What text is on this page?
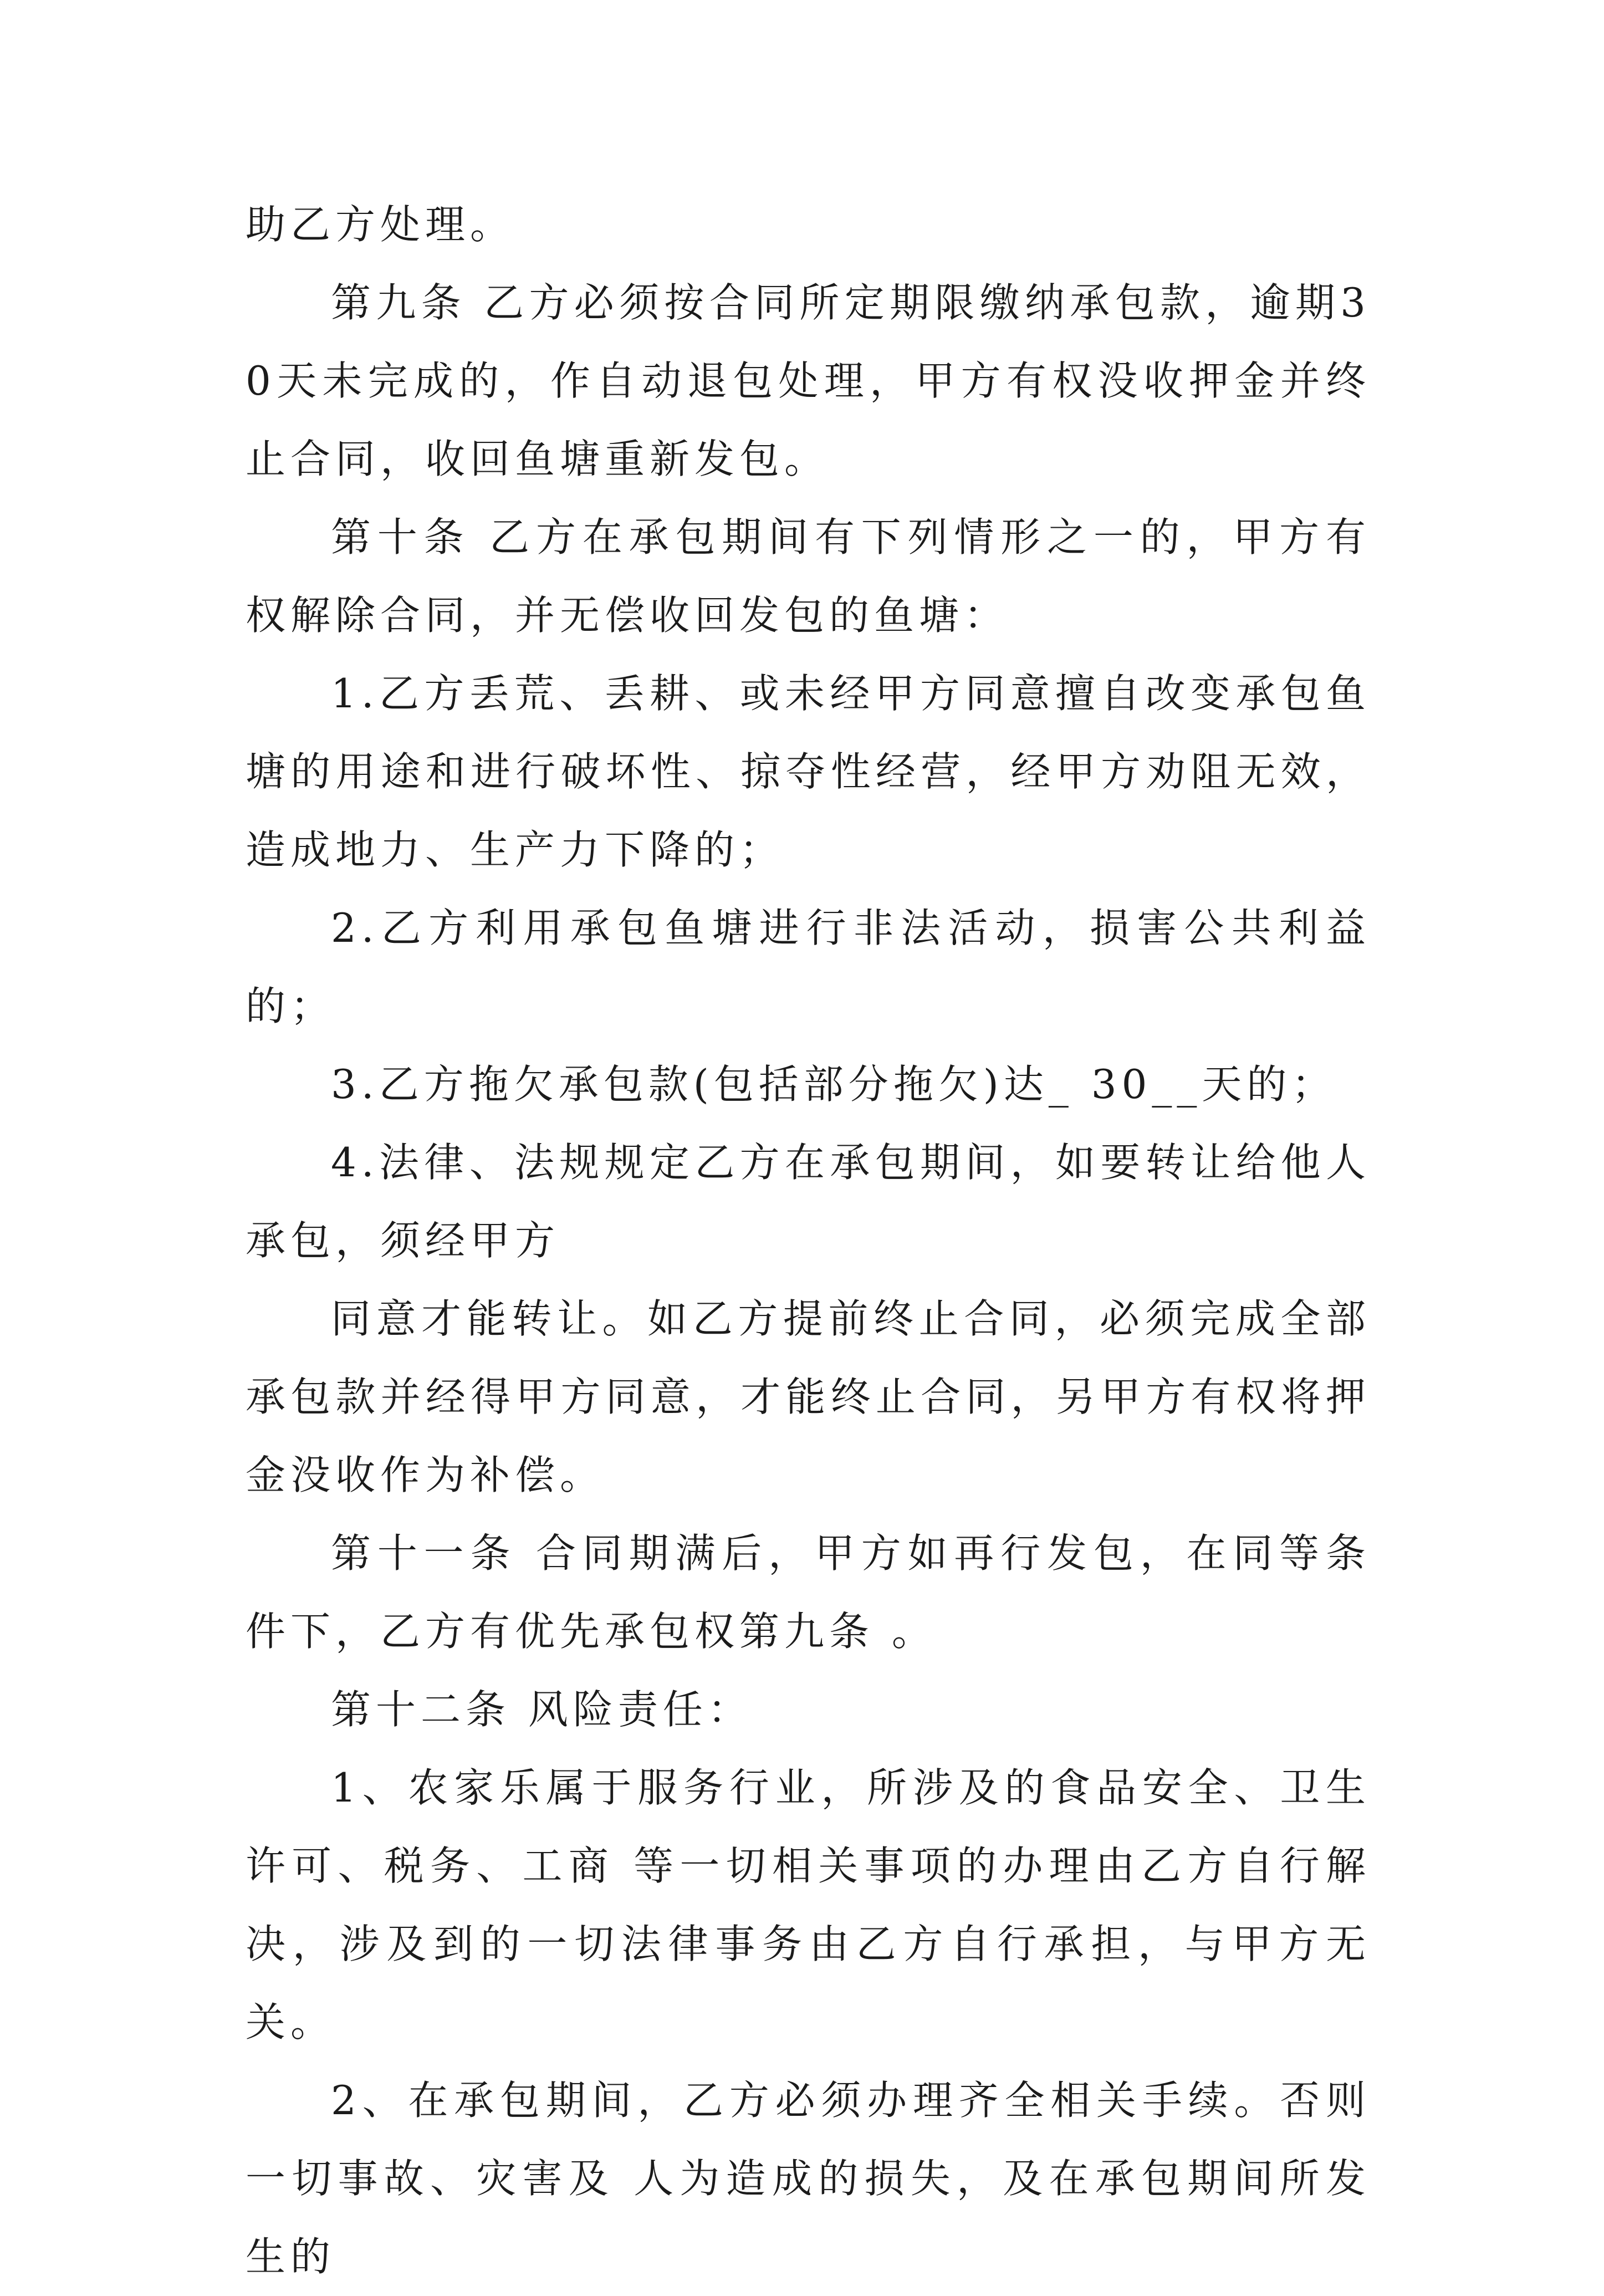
助乙方处理。

第九条 乙方必须按合同所定期限缴纳承包款，逾期30天未完成的，作自动退包处理，甲方有权没收押金并终止合同，收回鱼塘重新发包。

第十条 乙方在承包期间有下列情形之一的，甲方有权解除合同，并无偿收回发包的鱼塘：

1.乙方丢荒、丢耕、或未经甲方同意擅自改变承包鱼塘的用途和进行破坏性、掠夺性经营，经甲方劝阻无效，造成地力、生产力下降的；

2.乙方利用承包鱼塘进行非法活动，损害公共利益的；

3.乙方拖欠承包款(包括部分拖欠)达_ 30__天的；

4.法律、法规规定乙方在承包期间，如要转让给他人承包，须经甲方

同意才能转让。如乙方提前终止合同，必须完成全部承包款并经得甲方同意，才能终止合同，另甲方有权将押金没收作为补偿。

第十一条 合同期满后，甲方如再行发包，在同等条件下，乙方有优先承包权第九条 。

第十二条 风险责任：

1、农家乐属于服务行业，所涉及的食品安全、卫生许可、税务、工商 等一切相关事项的办理由乙方自行解决，涉及到的一切法律事务由乙方自行承担，与甲方无关。

2、在承包期间，乙方必须办理齐全相关手续。否则一切事故、灾害及 人为造成的损失，及在承包期间所发生的
